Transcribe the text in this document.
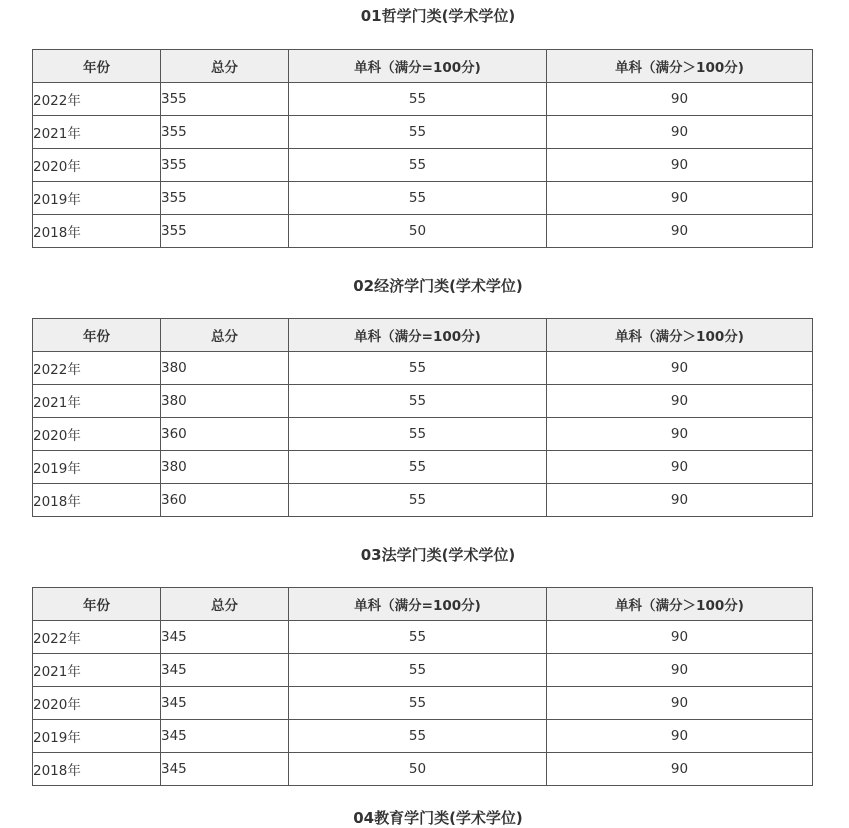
01哲学门类(学术学位)
年份	总分	单科（满分=100分)	单科（满分＞100分)
2022年	355	55	90
2021年	355	55	90
2020年	355	55	90
2019年	355	55	90
2018年	355	50	90
02经济学门类(学术学位)
年份	总分	单科（满分=100分)	单科（满分＞100分)
2022年	380	55	90
2021年	380	55	90
2020年	360	55	90
2019年	380	55	90
2018年	360	55	90
03法学门类(学术学位)
年份	总分	单科（满分=100分)	单科（满分＞100分)
2022年	345	55	90
2021年	345	55	90
2020年	345	55	90
2019年	345	55	90
2018年	345	50	90
04教育学门类(学术学位)
